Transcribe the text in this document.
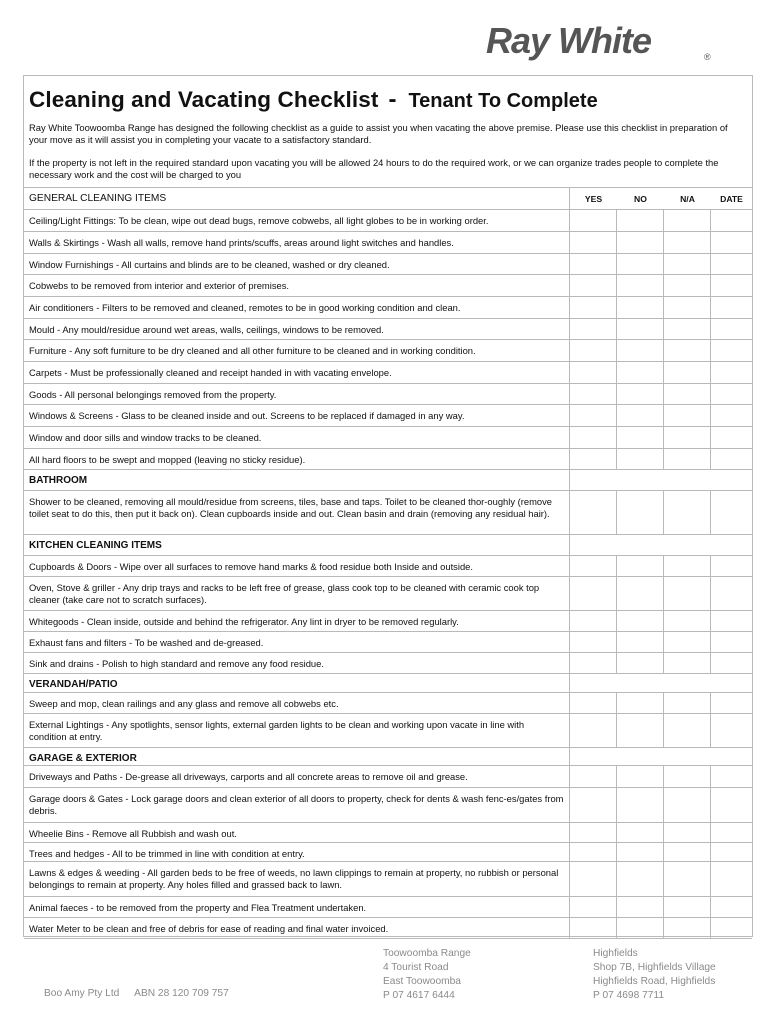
Ray White	®
Cleaning and Vacating Checklist - Tenant To Complete
Ray White Toowoomba Range has designed the following checklist as a guide to assist you when vacating the above premise. Please use this checklist in preparation of your move as it will assist you in completing your vacate to a satisfactory standard.
If the property is not left in the required standard upon vacating you will be allowed 24 hours to do the required work, or we can organize trades people to complete the necessary work and the cost will be charged to you
GENERAL CLEANING ITEMS	YES	NO	N/A	DATE
Ceiling/Light Fittings: To be clean, wipe out dead bugs, remove cobwebs, all light globes to be in working order.
Walls & Skirtings - Wash all walls, remove hand prints/scuffs, areas around light switches and handles.
Window Furnishings - All curtains and blinds are to be cleaned, washed or dry cleaned.
Cobwebs to be removed from interior and exterior of premises.
Air conditioners - Filters to be removed and cleaned, remotes to be in good working condition and clean.
Mould - Any mould/residue around wet areas, walls, ceilings, windows to be removed.
Furniture - Any soft furniture to be dry cleaned and all other furniture to be cleaned and in working condition.
Carpets - Must be professionally cleaned and receipt handed in with vacating envelope.
Goods - All personal belongings removed from the property.
Windows & Screens - Glass to be cleaned inside and out. Screens to be replaced if damaged in any way.
Window and door sills and window tracks to be cleaned.
All hard floors to be swept and mopped (leaving no sticky residue).
BATHROOM
Shower to be cleaned, removing all mould/residue from screens, tiles, base and taps. Toilet to be cleaned thor-oughly (remove toilet seat to do this, then put it back on). Clean cupboards inside and out. Clean basin and drain (removing any residual hair).
KITCHEN CLEANING ITEMS
Cupboards & Doors - Wipe over all surfaces to remove hand marks & food residue both Inside and outside.
Oven, Stove & griller - Any drip trays and racks to be left free of grease, glass cook top to be cleaned with ceramic cook top cleaner (take care not to scratch surfaces).
Whitegoods - Clean inside, outside and behind the refrigerator. Any lint in dryer to be removed regularly.
Exhaust fans and filters - To be washed and de-greased.
Sink and drains - Polish to high standard and remove any food residue.
VERANDAH/PATIO
Sweep and mop, clean railings and any glass and remove all cobwebs etc.
External Lightings - Any spotlights, sensor lights, external garden lights to be clean and working upon vacate in line with condition at entry.
GARAGE & EXTERIOR
Driveways and Paths - De-grease all driveways, carports and all concrete areas to remove oil and grease.
Garage doors & Gates - Lock garage doors and clean exterior of all doors to property, check for dents & wash fenc-es/gates from debris.
Wheelie Bins - Remove all Rubbish and wash out.
Trees and hedges - All to be trimmed in line with condition at entry.
Lawns & edges & weeding - All garden beds to be free of weeds, no lawn clippings to remain at property, no rubbish or personal belongings to remain at property. Any holes filled and grassed back to lawn.
Animal faeces - to be removed from the property and Flea Treatment undertaken.
Water Meter to be clean and free of debris for ease of reading and final water invoiced.
Boo Amy Pty Ltd ABN 28 120 709 757
Toowoomba Range
4 Tourist Road
East Toowoomba
P 07 4617 6444
Highfields
Shop 7B, Highfields Village
Highfields Road, Highfields
P 07 4698 7711
